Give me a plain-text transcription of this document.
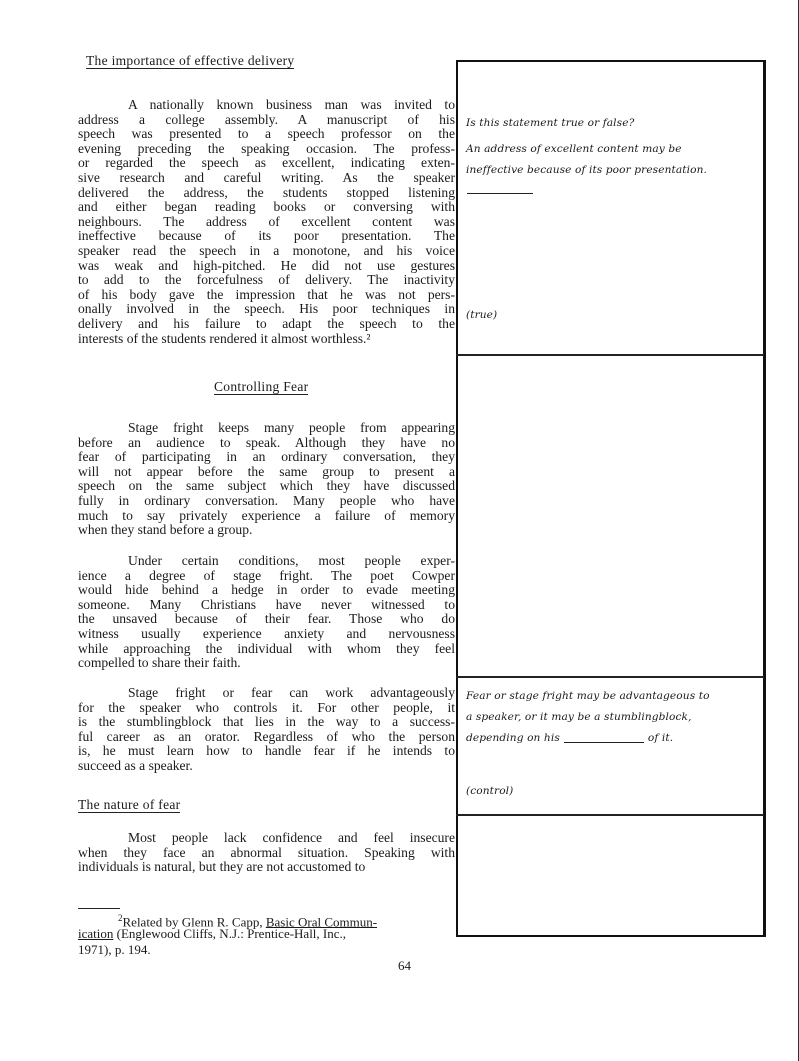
The importance of effective delivery
A nationally known business man was invited to
address a college assembly. A manuscript of his
speech was presented to a speech professor on the
evening preceding the speaking occasion. The profess-
or regarded the speech as excellent, indicating exten-
sive research and careful writing. As the speaker
delivered the address, the students stopped listening
and either began reading books or conversing with
neighbours. The address of excellent content was
ineffective because of its poor presentation. The
speaker read the speech in a monotone, and his voice
was weak and high-pitched. He did not use gestures
to add to the forcefulness of delivery. The inactivity
of his body gave the impression that he was not pers-
onally involved in the speech. His poor techniques in
delivery and his failure to adapt the speech to the
interests of the students rendered it almost worthless.²
Controlling Fear
Stage fright keeps many people from appearing
before an audience to speak. Although they have no
fear of participating in an ordinary conversation, they
will not appear before the same group to present a
speech on the same subject which they have discussed
fully in ordinary conversation. Many people who have
much to say privately experience a failure of memory
when they stand before a group.
Under certain conditions, most people exper-
ience a degree of stage fright. The poet Cowper
would hide behind a hedge in order to evade meeting
someone. Many Christians have never witnessed to
the unsaved because of their fear. Those who do
witness usually experience anxiety and nervousness
while approaching the individual with whom they feel
compelled to share their faith.
Stage fright or fear can work advantageously
for the speaker who controls it. For other people, it
is the stumblingblock that lies in the way to a success-
ful career as an orator. Regardless of who the person
is, he must learn how to handle fear if he intends to
succeed as a speaker.
The nature of fear
Most people lack confidence and feel insecure
when they face an abnormal situation. Speaking with
individuals is natural, but they are not accustomed to
Is this statement true or false?
An address of excellent content may be
ineffective because of its poor presentation.
(true)
Fear or stage fright may be advantageous to
a speaker, or it may be a stumblingblock,
depending on his	of it.
(control)
$^2$Related by Glenn R. Capp, Basic Oral Commun-
ication (Englewood Cliffs, N.J.: Prentice-Hall, Inc.,
1971), p. 194.
64
